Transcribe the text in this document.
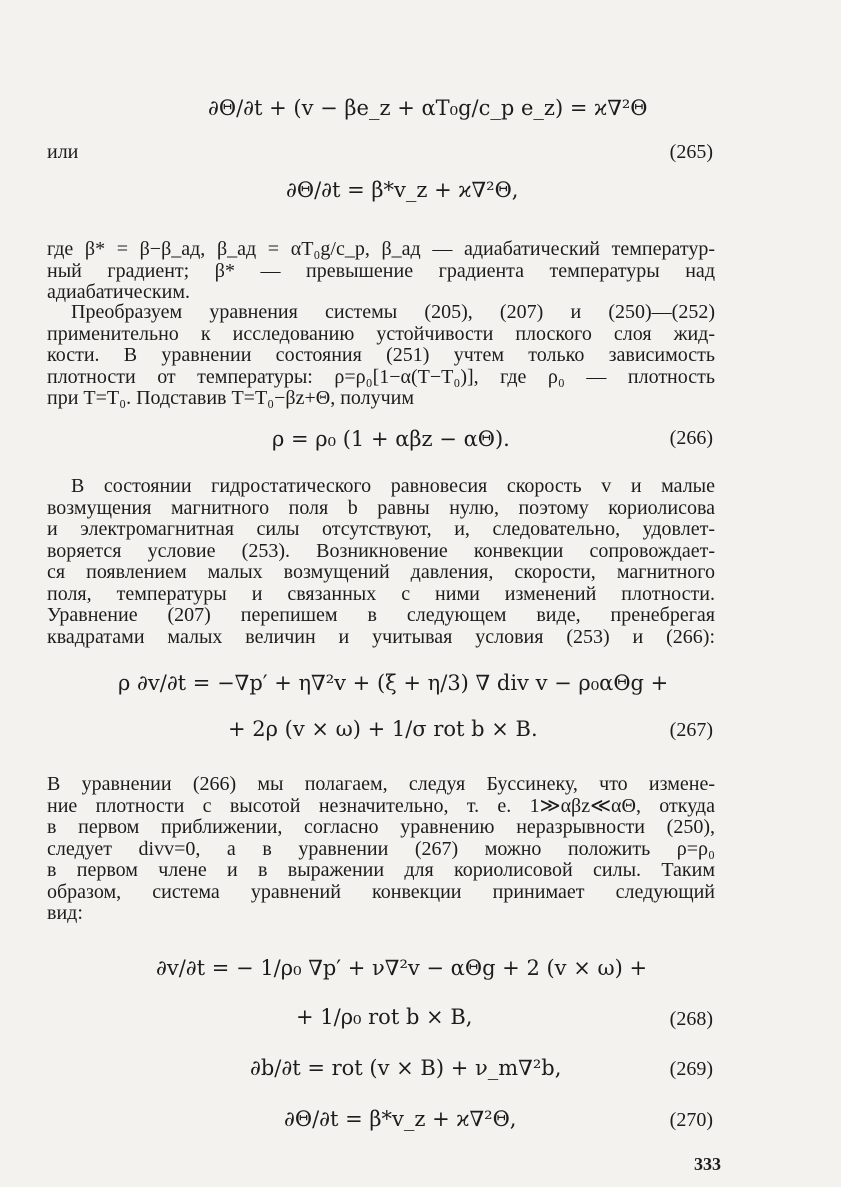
∂Θ/∂t + (v − βe_z + αT₀g/c_p e_z) = ϰ∇²Θ
или	(265)
∂Θ/∂t = β*v_z + ϰ∇²Θ,
где β* = β−β_ад, β_ад = αT₀g/c_p, β_ад — адиабатический температур-
ный градиент; β* — превышение градиента температуры над
адиабатическим.
Преобразуем уравнения системы (205), (207) и (250)—(252)
применительно к исследованию устойчивости плоского слоя жид-
кости. В уравнении состояния (251) учтем только зависимость
плотности от температуры: ρ=ρ₀[1−α(T−T₀)], где ρ₀ — плотность
при T=T₀. Подставив T=T₀−βz+Θ, получим
ρ = ρ₀ (1 + αβz − αΘ).	(266)
В состоянии гидростатического равновесия скорость v и малые
возмущения магнитного поля b равны нулю, поэтому кориолисова
и электромагнитная силы отсутствуют, и, следовательно, удовлет-
воряется условие (253). Возникновение конвекции сопровождает-
ся появлением малых возмущений давления, скорости, магнитного
поля, температуры и связанных с ними изменений плотности.
Уравнение (207) перепишем в следующем виде, пренебрегая
квадратами малых величин и учитывая условия (253) и (266):
ρ ∂v/∂t = −∇p′ + η∇²v + (ξ + η/3) ∇ div v − ρ₀αΘg +
+ 2ρ (v × ω) + 1/σ rot b × B.	(267)
В уравнении (266) мы полагаем, следуя Буссинеку, что измене-
ние плотности с высотой незначительно, т. е. 1≫αβz≪αΘ, откуда
в первом приближении, согласно уравнению неразрывности (250),
следует divv=0, а в уравнении (267) можно положить ρ=ρ₀
в первом члене и в выражении для кориолисовой силы. Таким
образом, система уравнений конвекции принимает следующий
вид:
∂v/∂t = − 1/ρ₀ ∇p′ + ν∇²v − αΘg + 2 (v × ω) +
+ 1/ρ₀ rot b × B,	(268)
∂b/∂t = rot (v × B) + ν_m∇²b,	(269)
∂Θ/∂t = β*v_z + ϰ∇²Θ,	(270)
333
